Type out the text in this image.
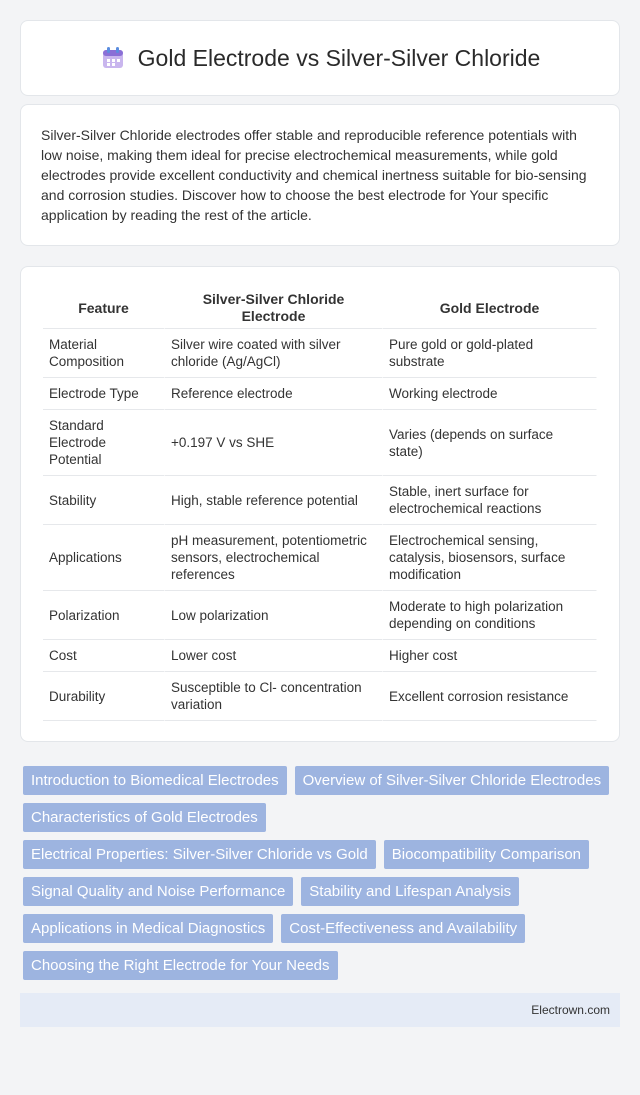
Gold Electrode vs Silver-Silver Chloride

Silver-Silver Chloride electrodes offer stable and reproducible reference potentials with low noise, making them ideal for precise electrochemical measurements, while gold electrodes provide excellent conductivity and chemical inertness suitable for bio-sensing and corrosion studies. Discover how to choose the best electrode for Your specific application by reading the rest of the article.

Feature	Silver-Silver Chloride Electrode	Gold Electrode
Material Composition	Silver wire coated with silver chloride (Ag/AgCl)	Pure gold or gold-plated substrate
Electrode Type	Reference electrode	Working electrode
Standard Electrode Potential	+0.197 V vs SHE	Varies (depends on surface state)
Stability	High, stable reference potential	Stable, inert surface for electrochemical reactions
Applications	pH measurement, potentiometric sensors, electrochemical references	Electrochemical sensing, catalysis, biosensors, surface modification
Polarization	Low polarization	Moderate to high polarization depending on conditions
Cost	Lower cost	Higher cost
Durability	Susceptible to Cl- concentration variation	Excellent corrosion resistance
Introduction to Biomedical Electrodes	Overview of Silver-Silver Chloride Electrodes
Characteristics of Gold Electrodes
Electrical Properties: Silver-Silver Chloride vs Gold	Biocompatibility Comparison
Signal Quality and Noise Performance	Stability and Lifespan Analysis
Applications in Medical Diagnostics	Cost-Effectiveness and Availability
Choosing the Right Electrode for Your Needs
Electrown.com
